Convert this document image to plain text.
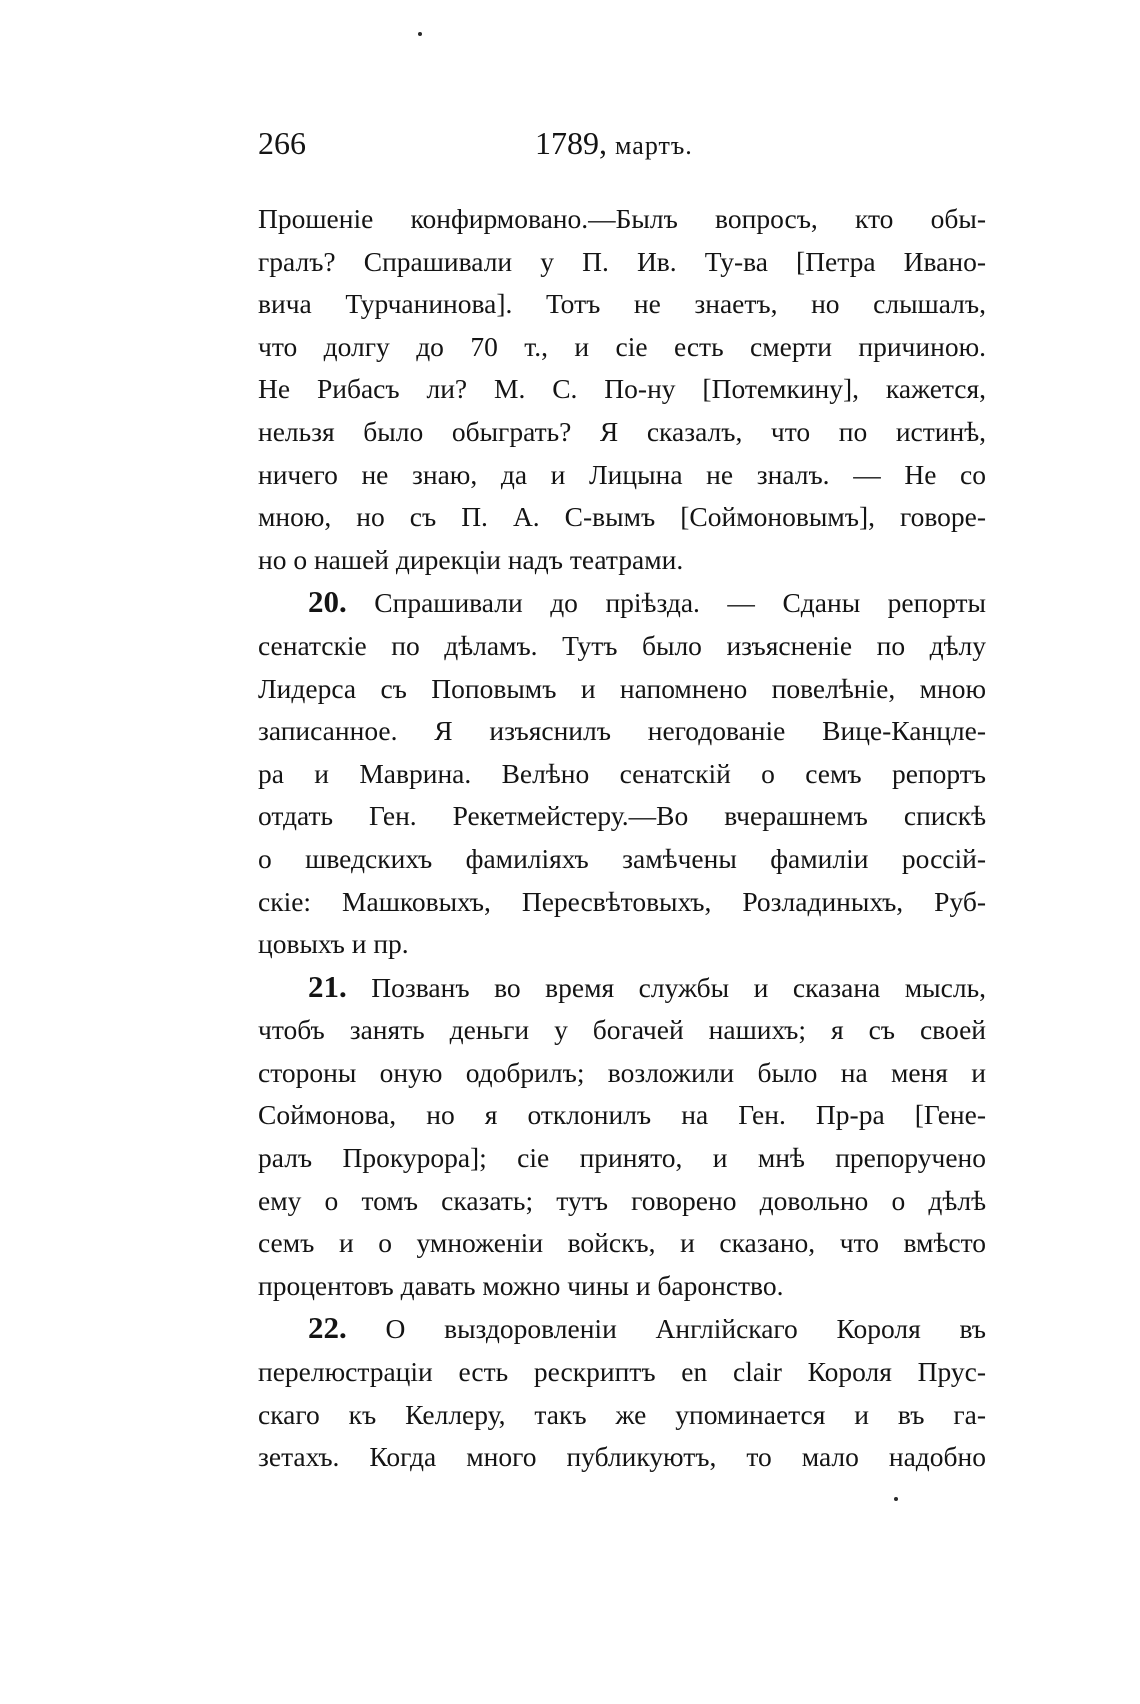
266	1789, мартъ.
Прошеніе конфирмовано.—Былъ вопросъ, кто обы-
гралъ? Спрашивали у П. Ив. Ту-ва [Петра Ивано-
вича Турчанинова]. Тотъ не знаетъ, но слышалъ,
что долгу до 70 т., и сіе есть смерти причиною.
Не Рибасъ ли? М. С. По-ну [Потемкину], кажется,
нельзя было обыграть? Я сказалъ, что по истинѣ,
ничего не знаю, да и Лицына не зналъ. — Не со
мною, но съ П. А. С-вымъ [Соймоновымъ], говоре-
но о нашей дирекціи надъ театрами.
20. Спрашивали до пріѣзда. — Сданы репорты
сенатскіе по дѣламъ. Тутъ было изъясненіе по дѣлу
Лидерса съ Поповымъ и напомнено повелѣніе, мною
записанное. Я изъяснилъ негодованіе Вице-Канцле-
ра и Маврина. Велѣно сенатскій о семъ репортъ
отдать Ген. Рекетмейстеру.—Во вчерашнемъ спискѣ
о шведскихъ фамиліяхъ замѣчены фамиліи россій-
скіе: Машковыхъ, Пересвѣтовыхъ, Розладиныхъ, Руб-
цовыхъ и пр.
21. Позванъ во время службы и сказана мысль,
чтобъ занять деньги у богачей нашихъ; я съ своей
стороны оную одобрилъ; возложили было на меня и
Соймонова, но я отклонилъ на Ген. Пр-ра [Гене-
ралъ Прокурора]; сіе принято, и мнѣ препоручено
ему о томъ сказать; тутъ говорено довольно о дѣлѣ
семъ и о умноженіи войскъ, и сказано, что вмѣсто
процентовъ давать можно чины и баронство.
22. О выздоровленіи Англійскаго Короля въ
перелюстраціи есть рескриптъ en clair Короля Прус-
скаго къ Келлеру, такъ же упоминается и въ га-
зетахъ. Когда много публикуютъ, то мало надобно
